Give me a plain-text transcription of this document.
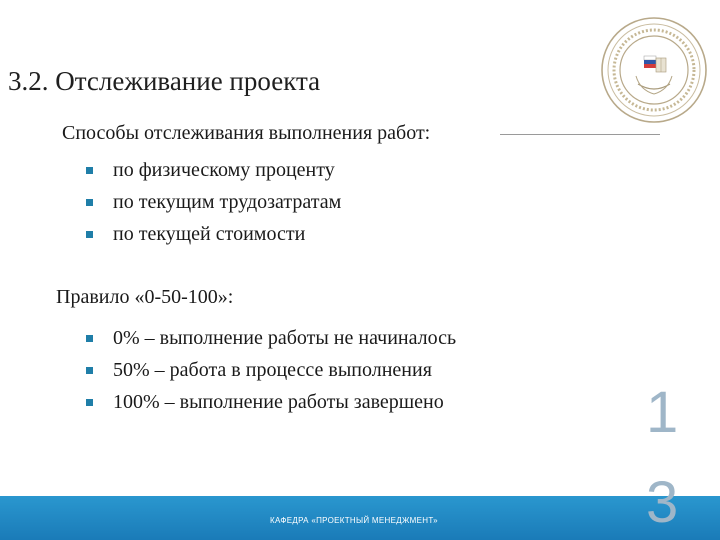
3.2. Отслеживание проекта
Способы отслеживания выполнения работ:
по физическому проценту
по текущим трудозатратам
по текущей стоимости
Правило «0-50-100»:
0% – выполнение работы не начиналось
50% – работа в процессе выполнения
100% – выполнение работы завершено
КАФЕДРА «ПРОЕКТНЫЙ МЕНЕДЖМЕНТ»
1
3
